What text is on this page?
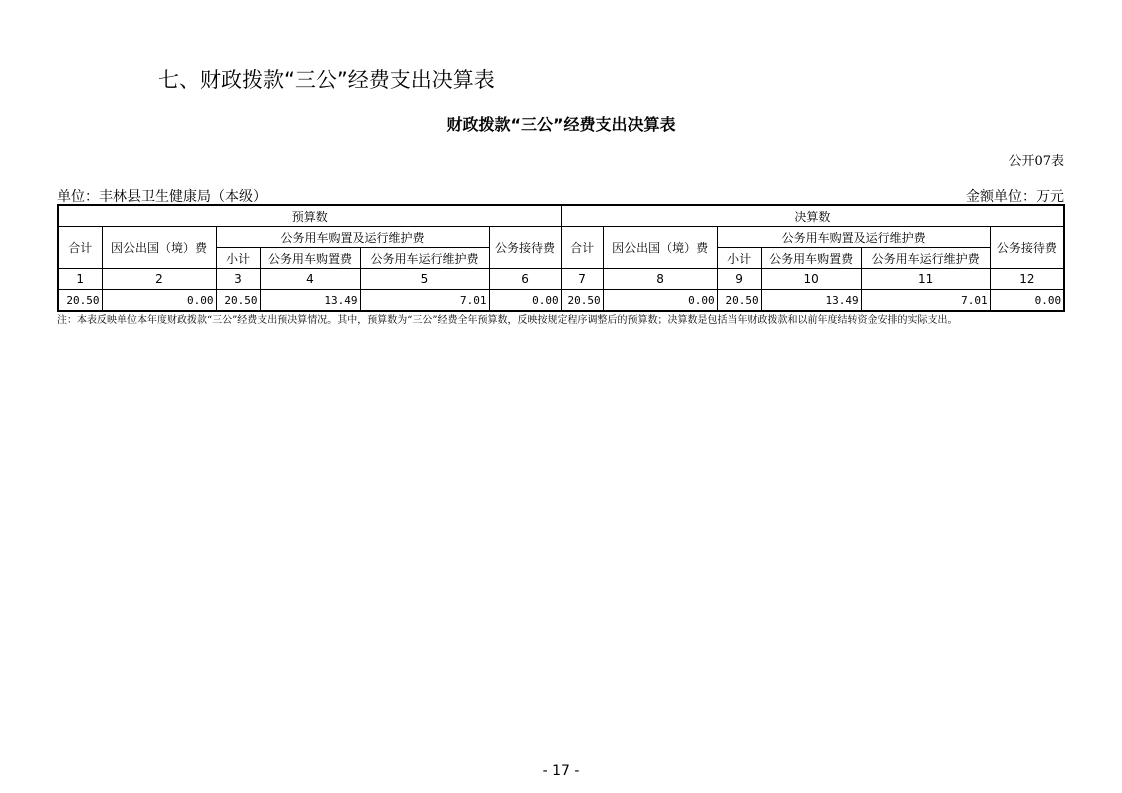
七、财政拨款“三公”经费支出决算表
财政拨款“三公”经费支出决算表
公开07表
单位：丰林县卫生健康局（本级）	金额单位：万元
预算数						决算数					
合计	因公出国（境）费	公务用车购置及运行维护费			公务接待费	合计	因公出国（境）费	公务用车购置及运行维护费			公务接待费
		小计	公务用车购置费	公务用车运行维护费				小计	公务用车购置费	公务用车运行维护费	
1	2	3	4	5	6	7	8	9	10	11	12
20.50	0.00	20.50	13.49	7.01	0.00	20.50	0.00	20.50	13.49	7.01	0.00
注：本表反映单位本年度财政拨款“三公”经费支出预决算情况。其中，预算数为“三公”经费全年预算数，反映按规定程序调整后的预算数；决算数是包括当年财政拨款和以前年度结转资金安排的实际支出。
- 17 -
